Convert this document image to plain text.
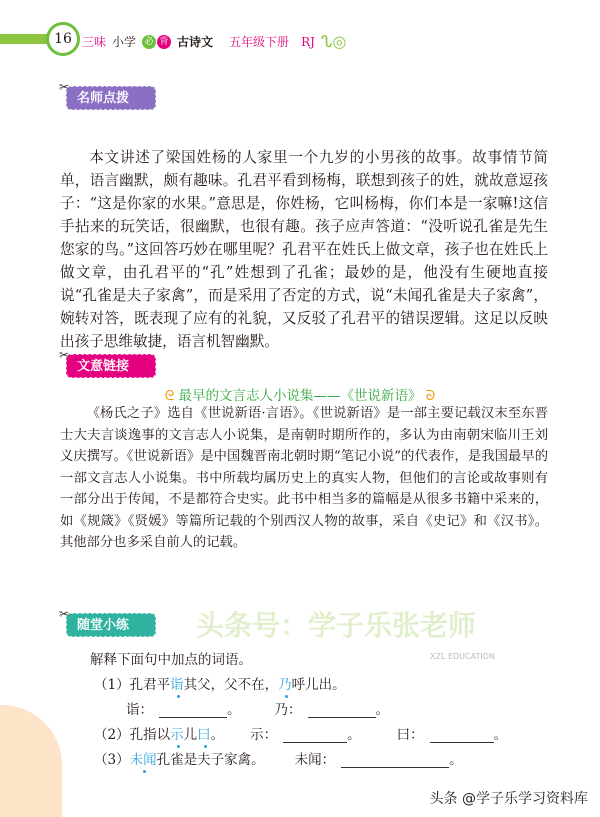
16 三味 小学 必 背 古诗文 五年级下册 RJ ᔐ◎
✂
名师点拨
本文讲述了梁国姓杨的人家里一个九岁的小男孩的故事。故事情节简单，语言幽默，颇有趣味。孔君平看到杨梅，联想到孩子的姓，就故意逗孩子：“这是你家的水果。”意思是，你姓杨，它叫杨梅，你们本是一家嘛!这信手拈来的玩笑话，很幽默，也很有趣。孩子应声答道：“没听说孔雀是先生您家的鸟。”这回答巧妙在哪里呢？孔君平在姓氏上做文章，孩子也在姓氏上做文章，由孔君平的“孔”姓想到了孔雀；最妙的是，他没有生硬地直接说“孔雀是夫子家禽”，而是采用了否定的方式，说“未闻孔雀是夫子家禽”，婉转对答，既表现了应有的礼貌，又反驳了孔君平的错误逻辑。这足以反映出孩子思维敏捷，语言机智幽默。
✂
文意链接
ᘓ 最早的文言志人小说集——《世说新语》 ᘐ
《杨氏之子》选自《世说新语·言语》。《世说新语》是一部主要记载汉末至东晋士大夫言谈逸事的文言志人小说集，是南朝时期所作的，多认为由南朝宋临川王刘义庆撰写。《世说新语》是中国魏晋南北朝时期“笔记小说”的代表作，是我国最早的一部文言志人小说集。书中所载均属历史上的真实人物，但他们的言论或故事则有一部分出于传闻，不是都符合史实。此书中相当多的篇幅是从很多书籍中采来的，如《规箴》《贤媛》等篇所记载的个别西汉人物的故事，采自《史记》和《汉书》。其他部分也多采自前人的记载。
头条号： 学子乐张老师
XZL EDUCATION
✂
随堂小练
解释下面句中加点的词语。
（1）孔君平诣其父，父不在，乃呼儿出。
诣：	。	乃：	。
（2）孔指以示儿曰。 示：	。	曰：	。
（3）未闻孔雀是夫子家禽。 未闻：	。
头条 @学子乐学习资料库
